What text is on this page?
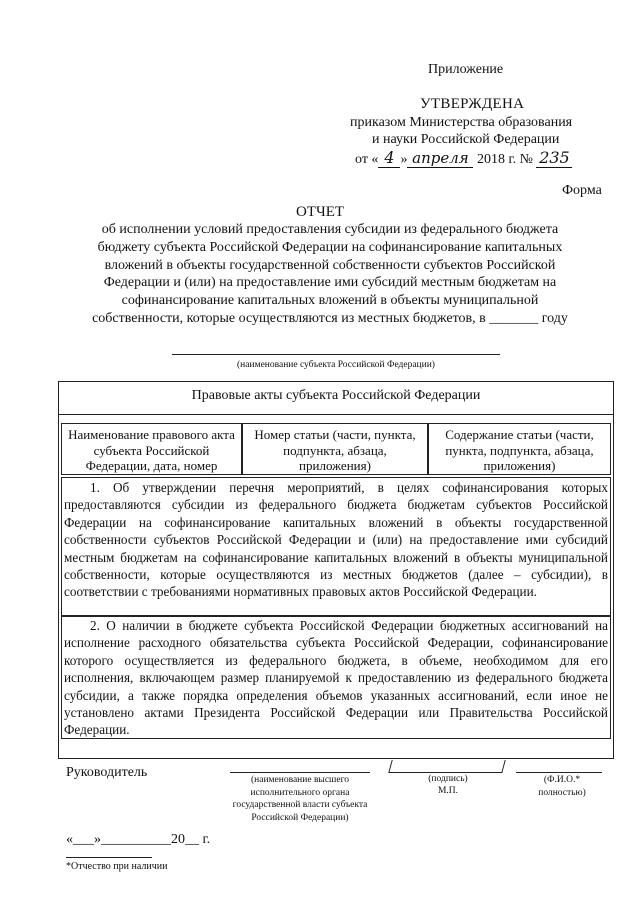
Приложение
УТВЕРЖДЕНА
приказом Министерства образования
и науки Российской Федерации
от « 4 » апреля 2018 г. № 235
Форма
ОТЧЕТ
об исполнении условий предоставления субсидии из федерального бюджета
бюджету субъекта Российской Федерации на софинансирование капитальных
вложений в объекты государственной собственности субъектов Российской
Федерации и (или) на предоставление ими субсидий местным бюджетам на
софинансирование капитальных вложений в объекты муниципальной
собственности, которые осуществляются из местных бюджетов, в _______ году
(наименование субъекта Российской Федерации)
Правовые акты субъекта Российской Федерации
Наименование правового акта субъекта Российской Федерации, дата, номер
Номер статьи (части, пункта, подпункта, абзаца, приложения)
Содержание статьи (части, пункта, подпункта, абзаца, приложения)
1. Об утверждении перечня мероприятий, в целях софинансирования которых предоставляются субсидии из федерального бюджета бюджетам субъектов Российской Федерации на софинансирование капитальных вложений в объекты государственной собственности субъектов Российской Федерации и (или) на предоставление ими субсидий местным бюджетам на софинансирование капитальных вложений в объекты муниципальной собственности, которые осуществляются из местных бюджетов (далее – субсидии), в соответствии с требованиями нормативных правовых актов Российской Федерации.
2. О наличии в бюджете субъекта Российской Федерации бюджетных ассигнований на исполнение расходного обязательства субъекта Российской Федерации, софинансирование которого осуществляется из федерального бюджета, в объеме, необходимом для его исполнения, включающем размер планируемой к предоставлению из федерального бюджета субсидии, а также порядка определения объемов указанных ассигнований, если иное не установлено актами Президента Российской Федерации или Правительства Российской Федерации.
Руководитель	(наименование высшего исполнительного органа государственной власти субъекта Российской Федерации)
(подпись)
М.П.
(Ф.И.О.* полностью)
«___»__________20__ г.
*Отчество при наличии
